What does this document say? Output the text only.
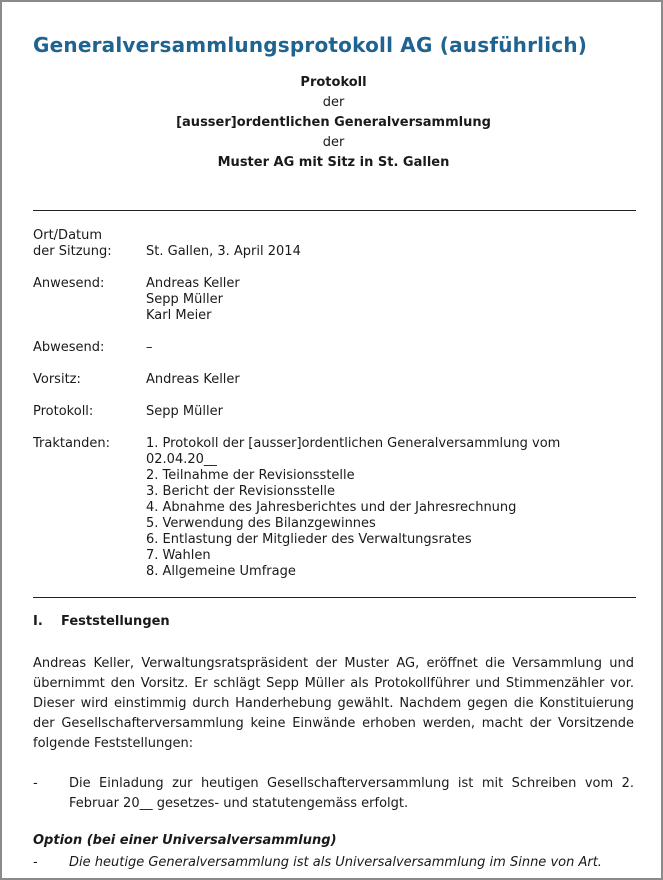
Generalversammlungsprotokoll AG (ausführlich)
Protokoll
der
[ausser]ordentlichen Generalversammlung
der
Muster AG mit Sitz in St. Gallen
Ort/Datum
der Sitzung:	St. Gallen, 3. April 2014
Anwesend:	Andreas Keller
Sepp Müller
Karl Meier
Abwesend:	–
Vorsitz:	Andreas Keller
Protokoll:	Sepp Müller
Traktanden:	1. Protokoll der [ausser]ordentlichen Generalversammlung vom
02.04.20__
2. Teilnahme der Revisionsstelle
3. Bericht der Revisionsstelle
4. Abnahme des Jahresberichtes und der Jahresrechnung
5. Verwendung des Bilanzgewinnes
6. Entlastung der Mitglieder des Verwaltungsrates
7. Wahlen
8. Allgemeine Umfrage
I. Feststellungen
Andreas Keller, Verwaltungsratspräsident der Muster AG, eröffnet die Versammlung und übernimmt den Vorsitz. Er schlägt Sepp Müller als Protokollführer und Stimmenzähler vor. Dieser wird einstimmig durch Handerhebung gewählt. Nachdem gegen die Konstituierung der Gesellschafterversammlung keine Einwände erhoben werden, macht der Vorsitzende folgende Feststellungen:
- Die Einladung zur heutigen Gesellschafterversammlung ist mit Schreiben vom 2. Februar 20__ gesetzes- und statutengemäss erfolgt.
Option (bei einer Universalversammlung)
- Die heutige Generalversammlung ist als Universalversammlung im Sinne von Art.
